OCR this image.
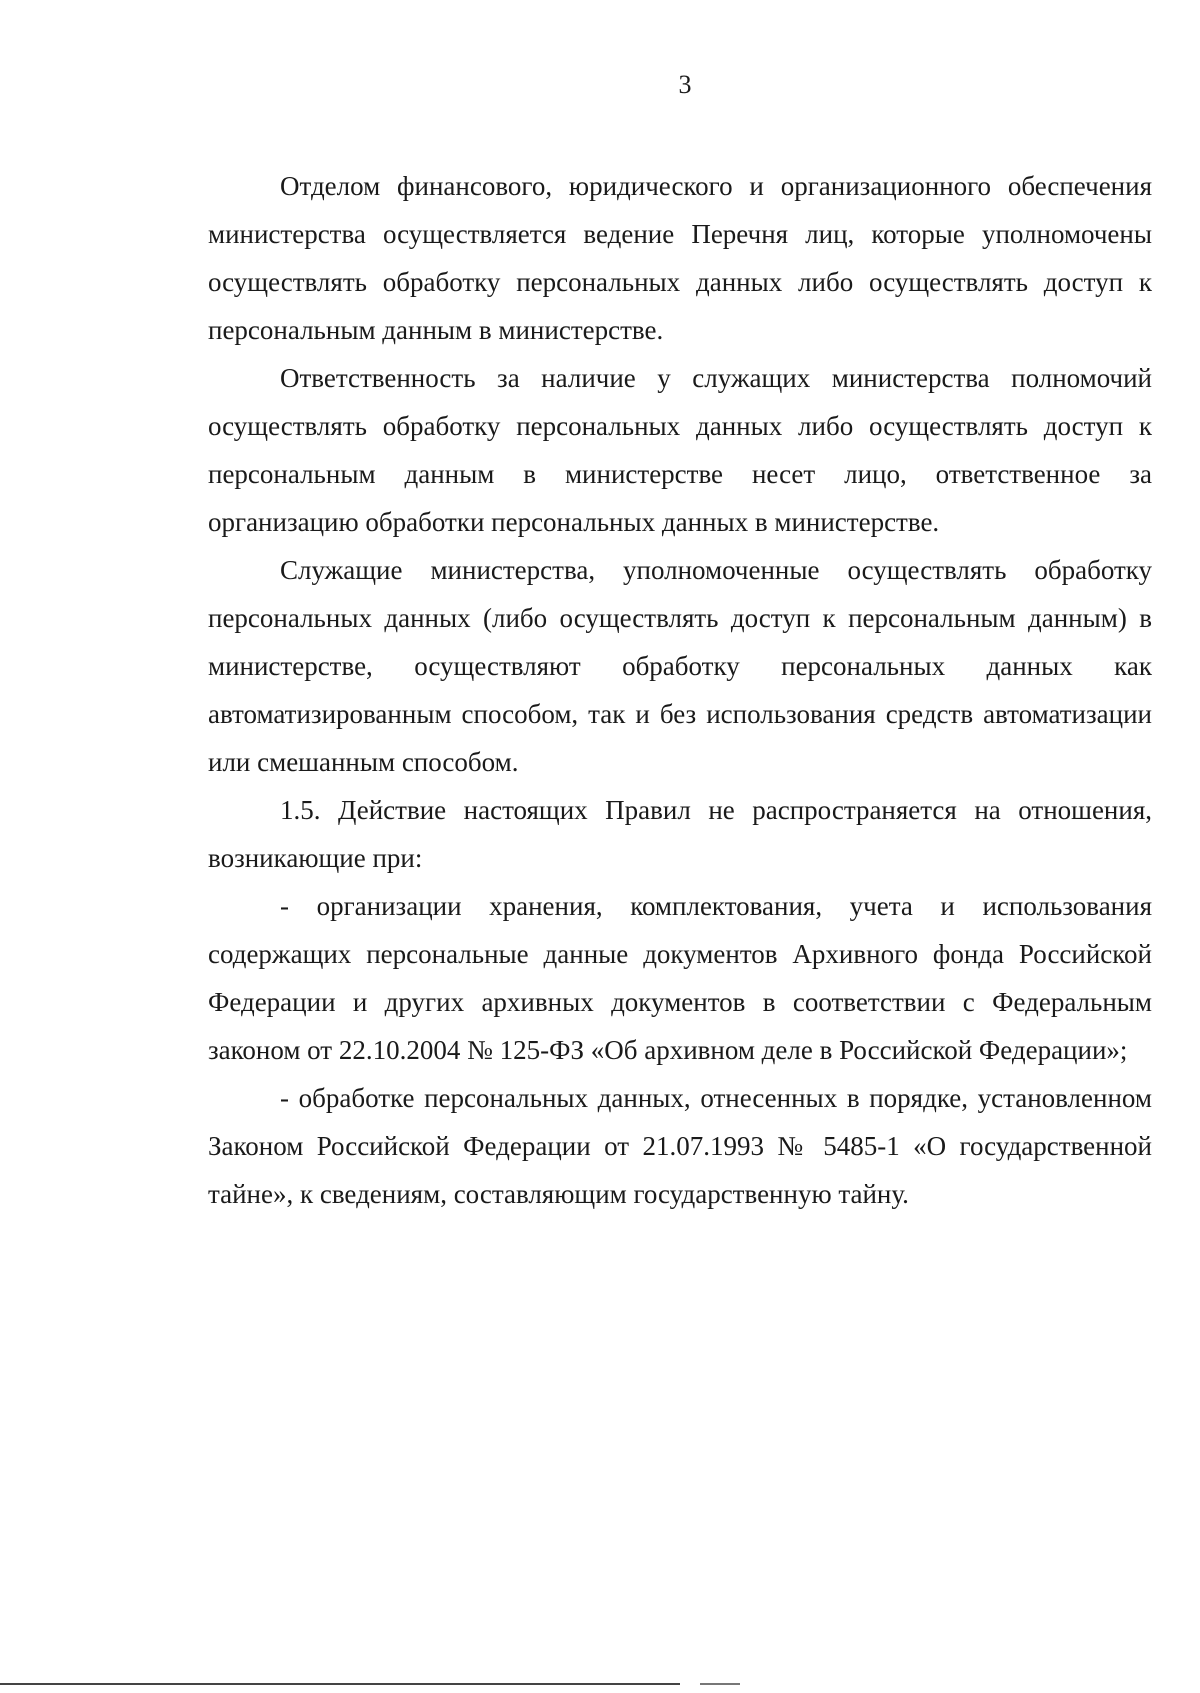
3

Отделом финансового, юридического и организационного обеспечения министерства осуществляется ведение Перечня лиц, которые уполномочены осуществлять обработку персональных данных либо осуществлять доступ к персональным данным в министерстве.

Ответственность за наличие у служащих министерства полномочий осуществлять обработку персональных данных либо осуществлять доступ к персональным данным в министерстве несет лицо, ответственное за организацию обработки персональных данных в министерстве.

Служащие министерства, уполномоченные осуществлять обработку персональных данных (либо осуществлять доступ к персональным данным) в министерстве, осуществляют обработку персональных данных как автоматизированным способом, так и без использования средств автоматизации или смешанным способом.

1.5. Действие настоящих Правил не распространяется на отношения, возникающие при:

- организации хранения, комплектования, учета и использования содержащих персональные данные документов Архивного фонда Российской Федерации и других архивных документов в соответствии с Федеральным законом от 22.10.2004 № 125-ФЗ «Об архивном деле в Российской Федерации»;

- обработке персональных данных, отнесенных в порядке, установленном Законом Российской Федерации от 21.07.1993 № 5485-1 «О государственной тайне», к сведениям, составляющим государственную тайну.
